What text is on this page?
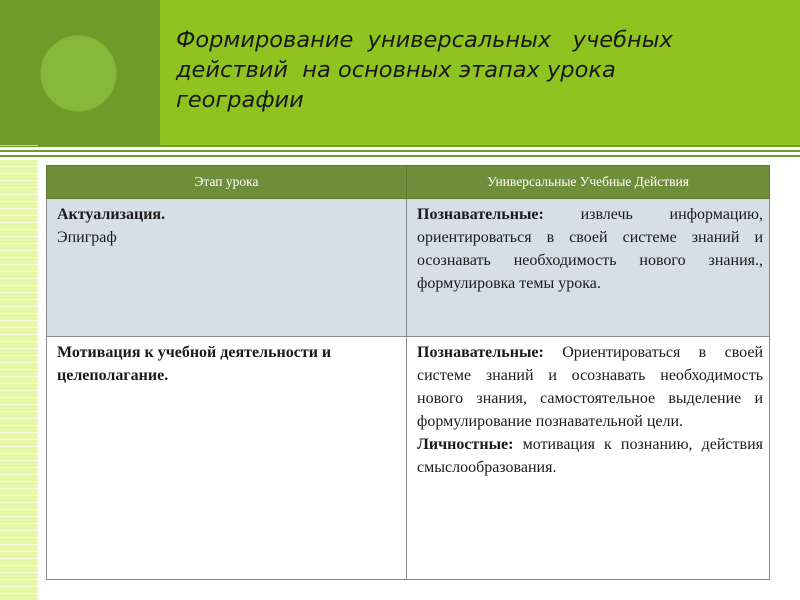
Формирование  универсальных   учебных действий  на основных этапах урока географии
Этап урока	Универсальные Учебные Действия

Актуализация.
Эпиграф	Познавательные: извлечь информацию, ориентироваться в своей системе знаний и осознавать необходимость нового знания., формулировка темы урока.

Мотивация к учебной деятельности и целеполагание.	Познавательные: Ориентироваться в своей системе знаний и осознавать необходимость нового знания, самостоятельное выделение и формулирование познавательной цели.
Личностные: мотивация к познанию, действия смыслообразования.
